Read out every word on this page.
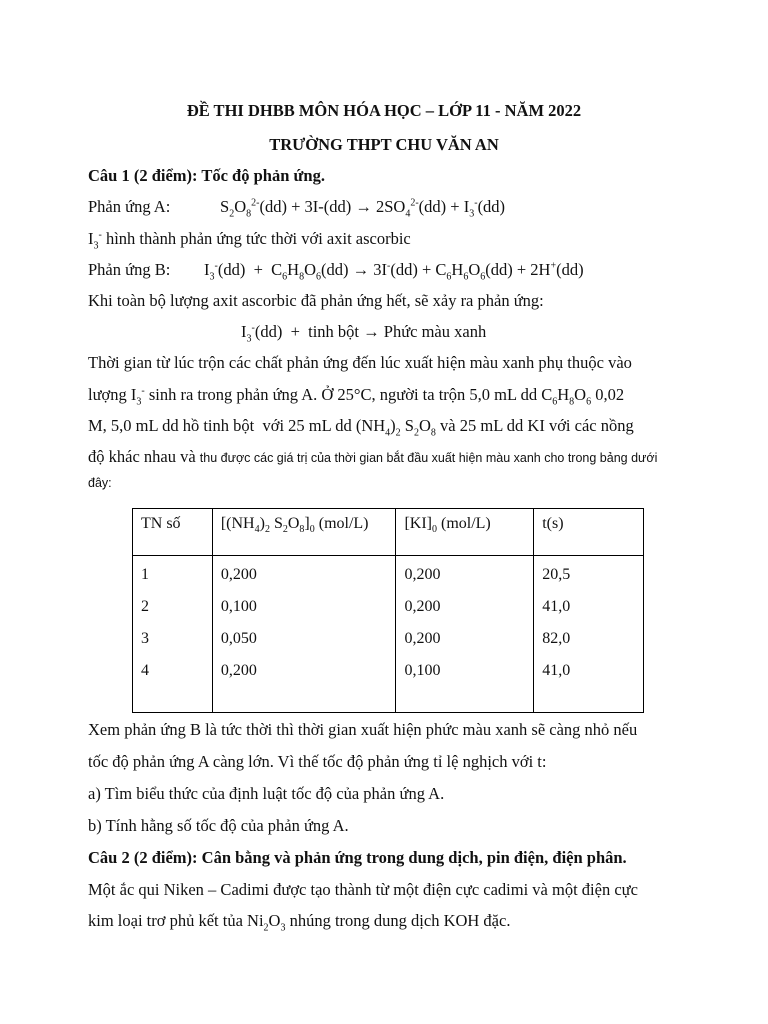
ĐỀ THI DHBB MÔN HÓA HỌC – LỚP 11 - NĂM 2022
TRƯỜNG THPT CHU VĂN AN
Câu 1 (2 điểm): Tốc độ phản ứng.
Phản ứng A:	$S_2O_8^{2-}(dd) + 3I-(dd) \to 2SO_4^{2-}(dd) + I_3^-(dd)$
$I_3^-$ hình thành phản ứng tức thời với axit ascorbic
Phản ứng B: $I_3^-(dd) + C_6H_8O_6(dd) \to 3I^-(dd) + C_6H_6O_6(dd) + 2H^+(dd)$
Khi toàn bộ lượng axit ascorbic đã phản ứng hết, sẽ xảy ra phản ứng:
$I_3^-(dd)$  +  tinh bột → Phức màu xanh
Thời gian từ lúc trộn các chất phản ứng đến lúc xuất hiện màu xanh phụ thuộc vào
lượng $I_3^-$ sinh ra trong phản ứng A. Ở 25°C, người ta trộn 5,0 mL dd $C_6H_8O_6$ 0,02
M, 5,0 mL dd hồ tinh bột  với 25 mL dd $(NH_4)_2$ $S_2O_8$ và 25 mL dd KI với các nồng
độ khác nhau và thu được các giá trị của thời gian bắt đầu xuất hiện màu xanh cho trong bảng dưới
đây:
TN số	[$(NH_4)_2$ $S_2O_8]_0$ (mol/L)	$[KI]_0$ (mol/L)	t(s)
1	0,200	0,200	20,5
2	0,100	0,200	41,0
3	0,050	0,200	82,0
4	0,200	0,100	41,0
Xem phản ứng B là tức thời thì thời gian xuất hiện phức màu xanh sẽ càng nhỏ nếu
tốc độ phản ứng A càng lớn. Vì thế tốc độ phản ứng tỉ lệ nghịch với t:
a) Tìm biểu thức của định luật tốc độ của phản ứng A.
b) Tính hằng số tốc độ của phản ứng A.
Câu 2 (2 điểm): Cân bằng và phản ứng trong dung dịch, pin điện, điện phân.
Một ắc qui Niken – Cadimi được tạo thành từ một điện cực cadimi và một điện cực
kim loại trơ phủ kết tủa $Ni_2O_3$ nhúng trong dung dịch KOH đặc.
